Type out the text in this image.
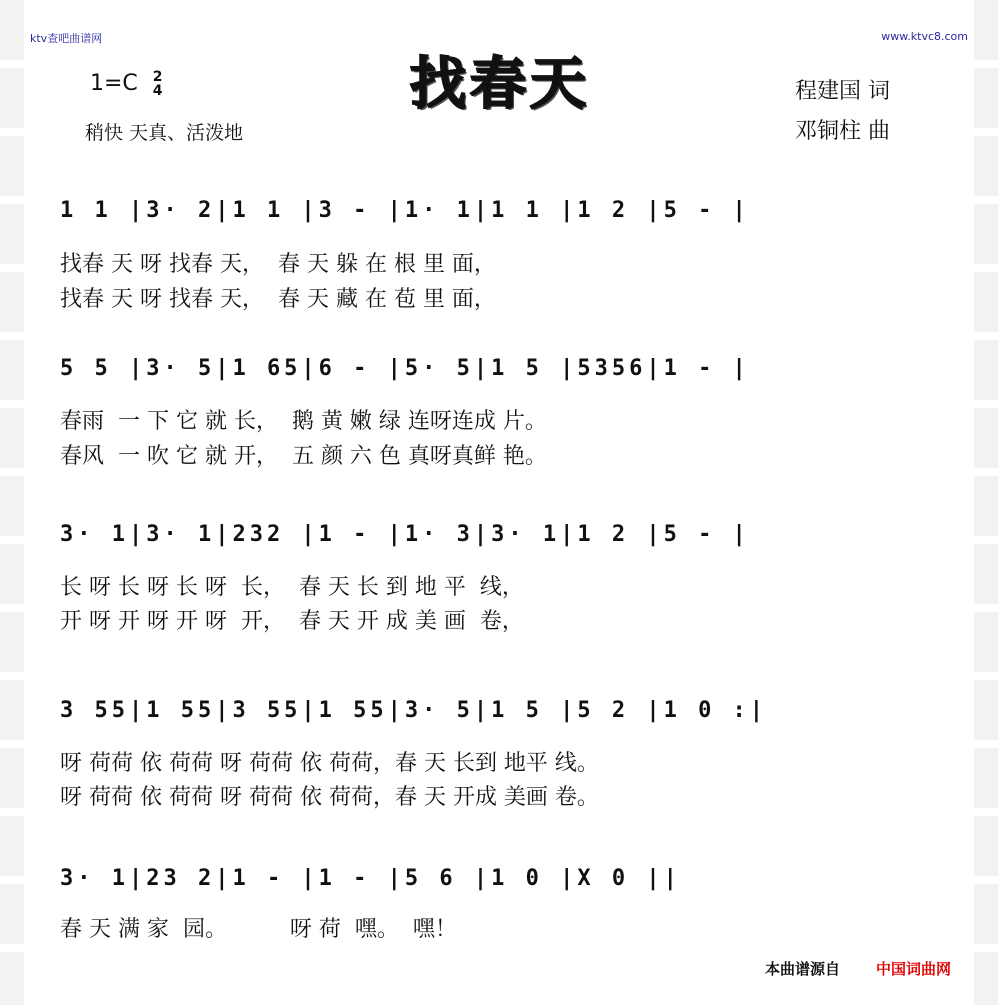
ktv查吧曲谱网	www.ktvc8.com
找春天
1=C 2
4
稍快 天真、活泼地
程建国 词
邓铜柱 曲
1 1 |3· 2|1 1 |3 - |1· 1|1 1 |1 2 |5 - |
找春 天 呀 找春 天，  春 天 躲 在 根 里 面，
找春 天 呀 找春 天，  春 天 藏 在 苞 里 面，
5 5 |3· 5|1 65|6 - |5· 5|1 5 |5356|1 - |
春雨  一 下 它 就 长，  鹅 黄 嫩 绿 连呀连成 片。
春风  一 吹 它 就 开，  五 颜 六 色 真呀真鲜 艳。
3· 1|3· 1|232 |1 - |1· 3|3· 1|1 2 |5 - |
长 呀 长 呀 长 呀  长，  春 天 长 到 地 平  线，
开 呀 开 呀 开 呀  开，  春 天 开 成 美 画  卷，
3 55|1 55|3 55|1 55|3· 5|1 5 |5 2 |1 0 :|
呀 荷荷 依 荷荷 呀 荷荷 依 荷荷，春 天 长到 地平 线。
呀 荷荷 依 荷荷 呀 荷荷 依 荷荷，春 天 开成 美画 卷。
3· 1|23 2|1 - |1 - |5 6 |1 0 |X 0 ||
春 天 满 家  园。         呀 荷  嘿。  嘿！
本曲谱源自 中国词曲网
